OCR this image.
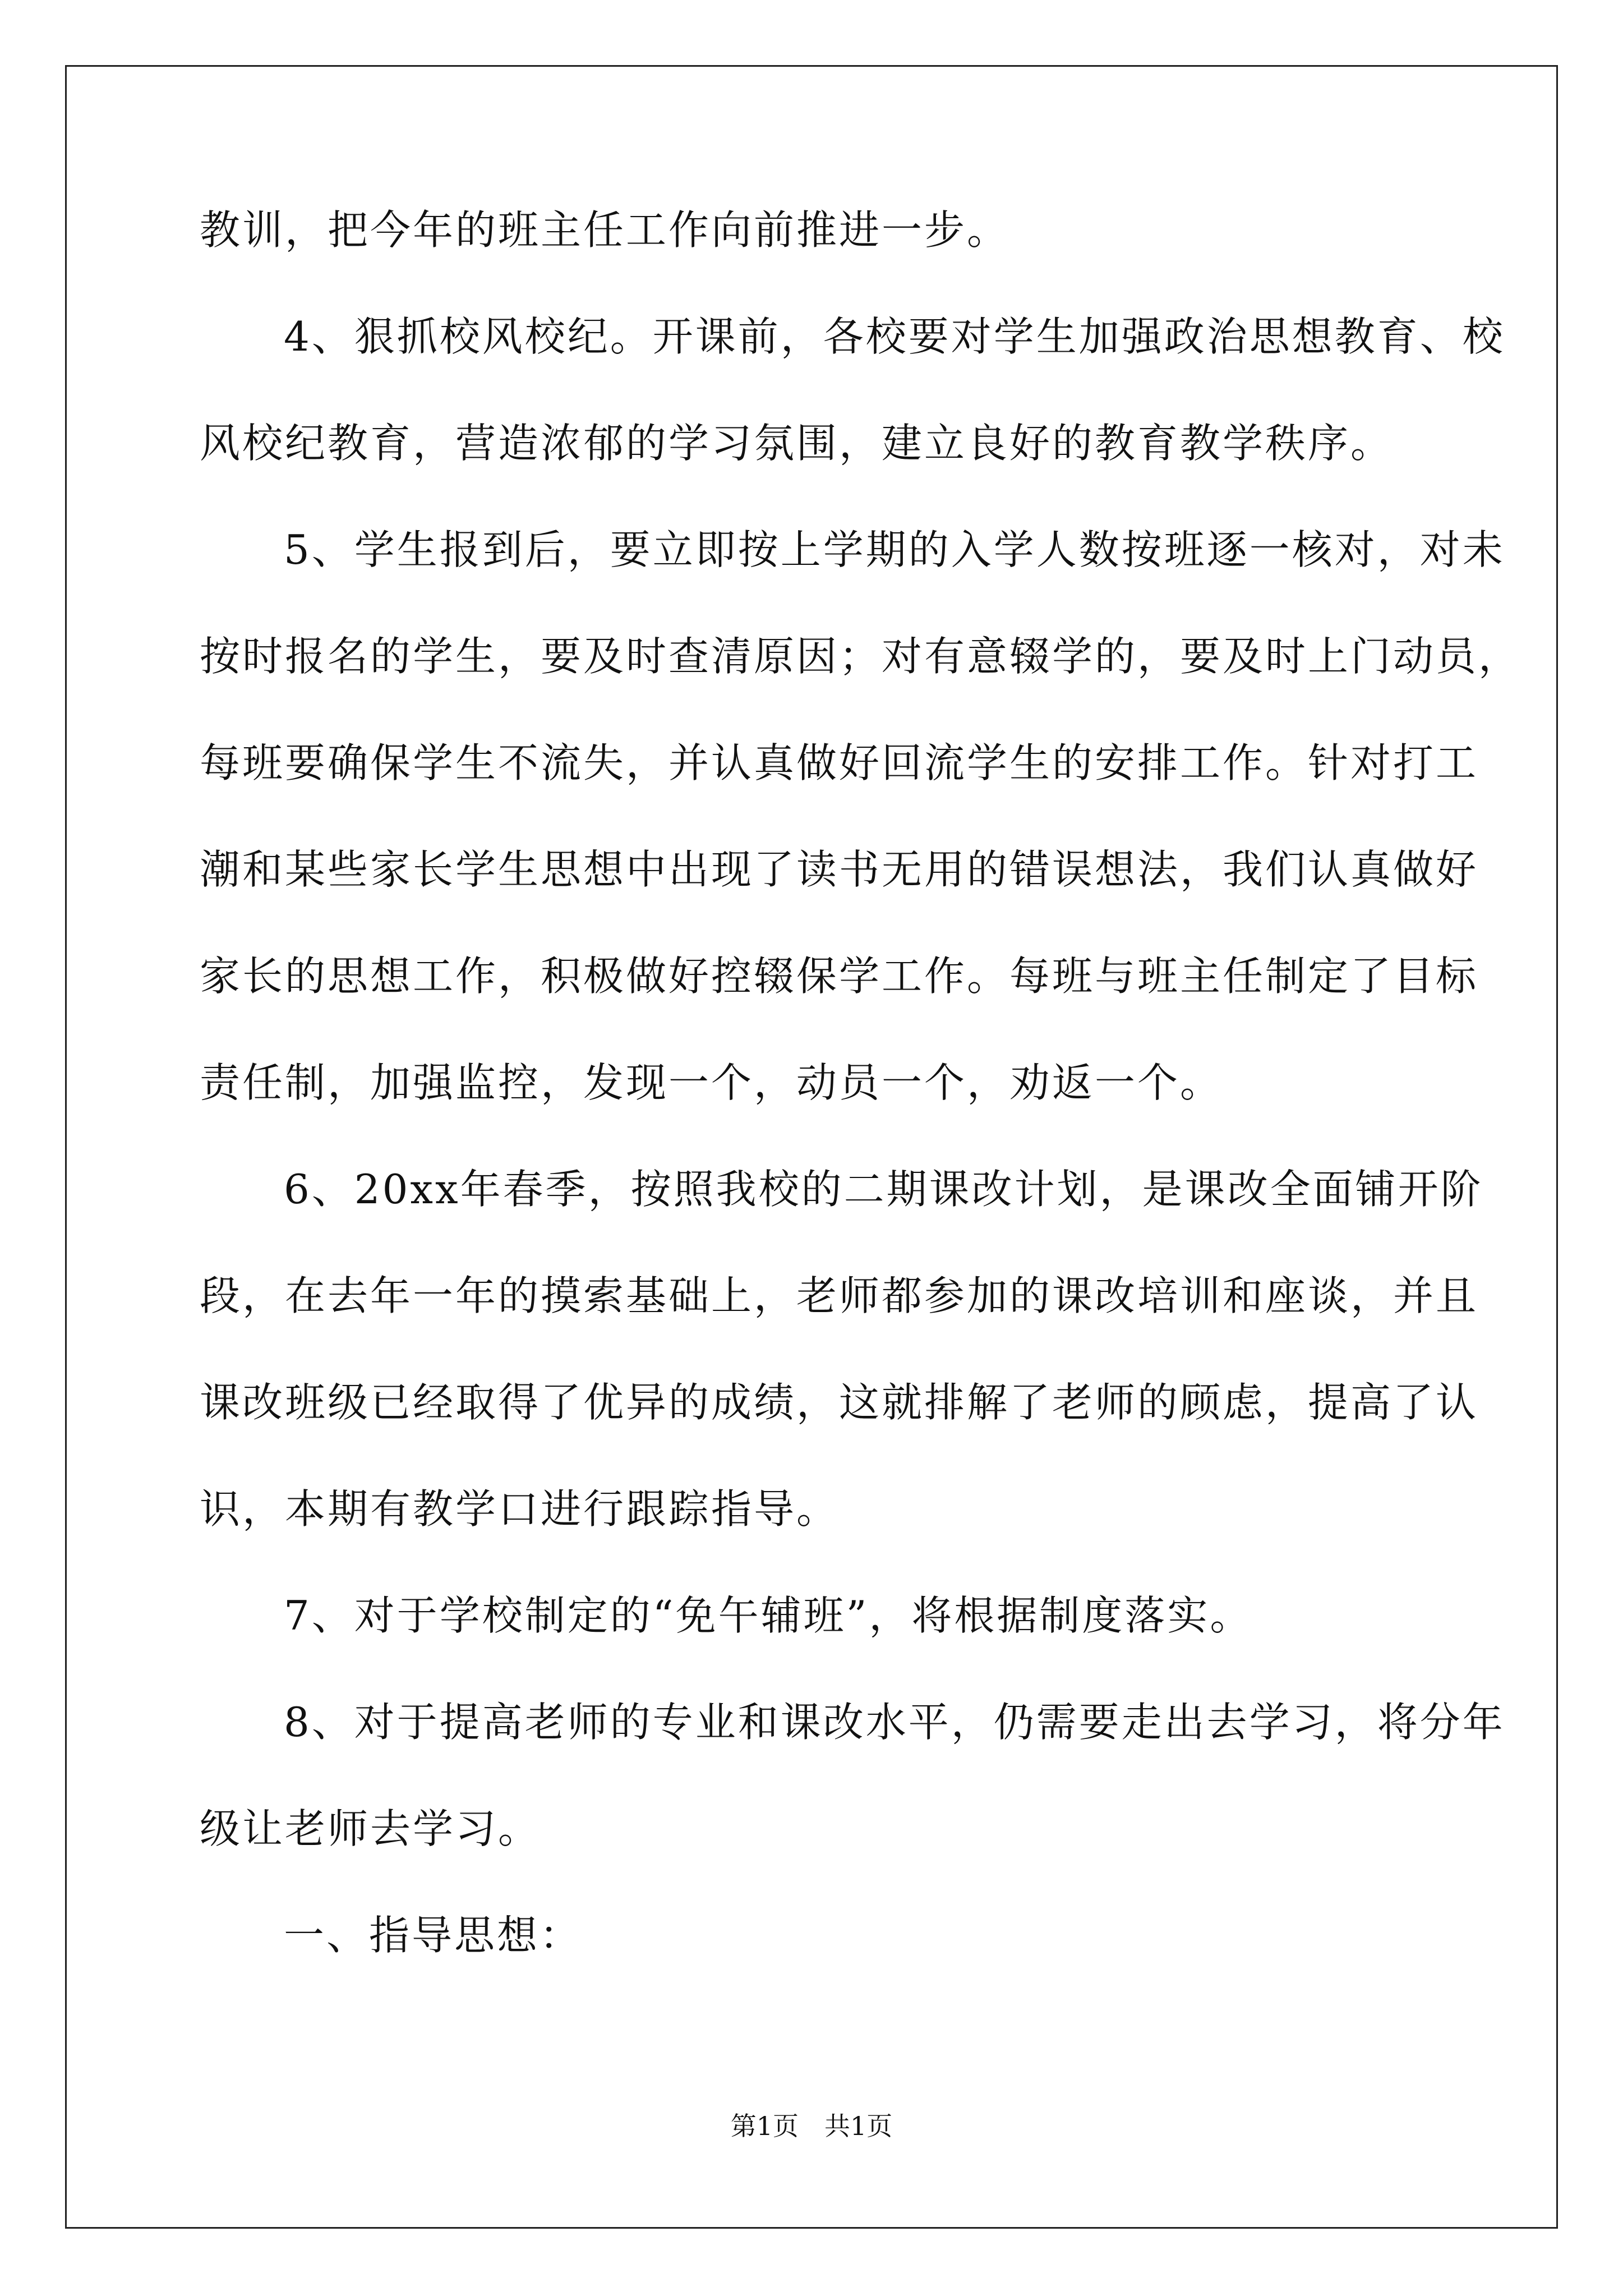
教训，把今年的班主任工作向前推进一步。
4、狠抓校风校纪。开课前，各校要对学生加强政治思想教育、校
风校纪教育，营造浓郁的学习氛围，建立良好的教育教学秩序。
5、学生报到后，要立即按上学期的入学人数按班逐一核对，对未
按时报名的学生，要及时查清原因；对有意辍学的，要及时上门动员，
每班要确保学生不流失，并认真做好回流学生的安排工作。针对打工
潮和某些家长学生思想中出现了读书无用的错误想法，我们认真做好
家长的思想工作，积极做好控辍保学工作。每班与班主任制定了目标
责任制，加强监控，发现一个，动员一个，劝返一个。
6、20xx年春季，按照我校的二期课改计划，是课改全面铺开阶
段，在去年一年的摸索基础上，老师都参加的课改培训和座谈，并且
课改班级已经取得了优异的成绩，这就排解了老师的顾虑，提高了认
识，本期有教学口进行跟踪指导。
7、对于学校制定的“免午辅班”，将根据制度落实。
8、对于提高老师的专业和课改水平，仍需要走出去学习，将分年
级让老师去学习。
一、指导思想：
第1页　共1页
